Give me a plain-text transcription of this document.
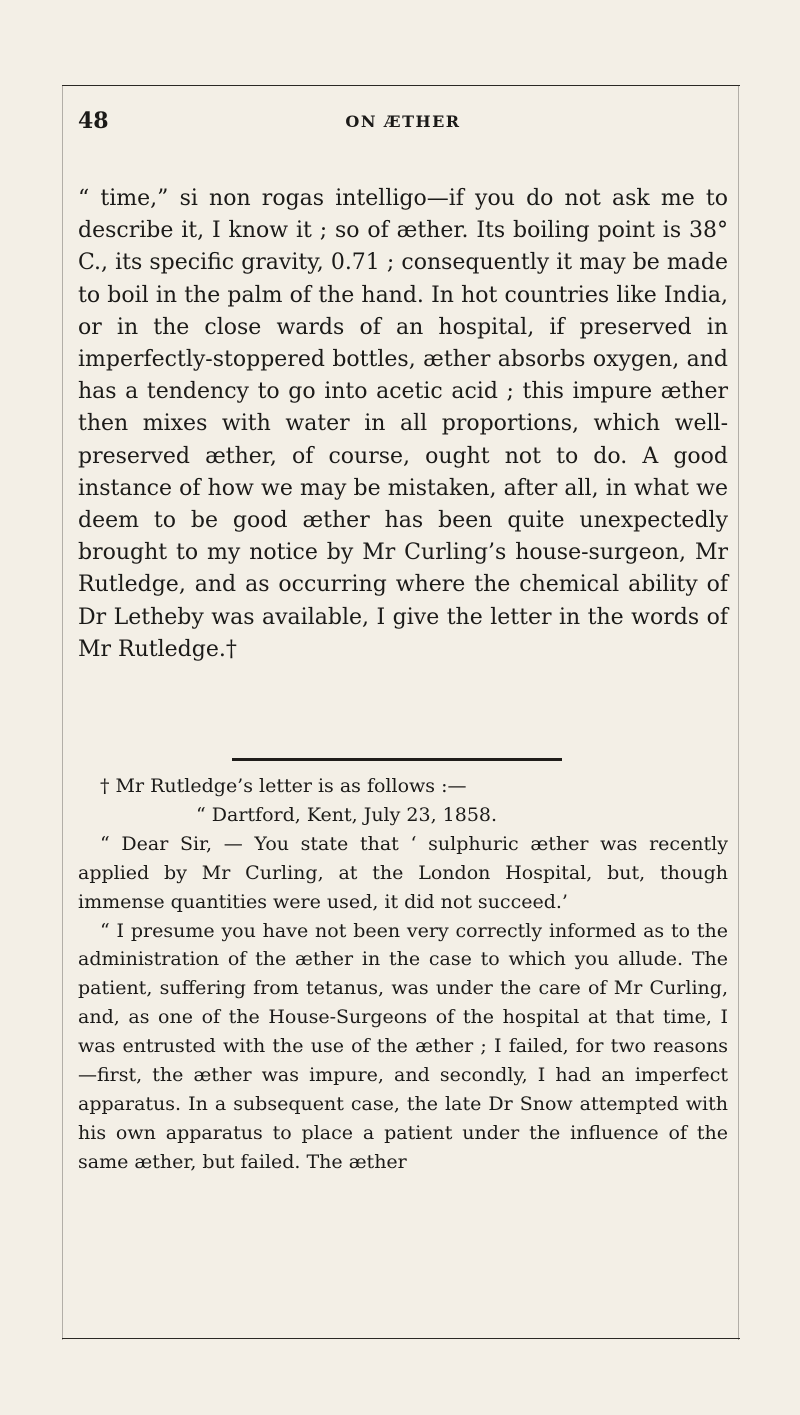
48	ON ÆTHER

“ time,” si non rogas intelligo—if you do not ask me to describe it, I know it ; so of æther. Its boiling point is 38° C., its specific gravity, 0.71 ; consequently it may be made to boil in the palm of the hand. In hot countries like India, or in the close wards of an hospital, if preserved in imperfectly-stoppered bottles, æther absorbs oxygen, and has a tendency to go into acetic acid ; this impure æther then mixes with water in all proportions, which well-preserved æther, of course, ought not to do. A good instance of how we may be mistaken, after all, in what we deem to be good æther has been quite unexpectedly brought to my notice by Mr Curling’s house-surgeon, Mr Rutledge, and as occurring where the chemical ability of Dr Letheby was available, I give the letter in the words of Mr Rutledge.†

† Mr Rutledge’s letter is as follows :—

“ Dartford, Kent, July 23, 1858.

“ Dear Sir, — You state that ‘ sulphuric æther was recently applied by Mr Curling, at the London Hospital, but, though immense quantities were used, it did not succeed.’

“ I presume you have not been very correctly informed as to the administration of the æther in the case to which you allude. The patient, suffering from tetanus, was under the care of Mr Curling, and, as one of the House-Surgeons of the hospital at that time, I was entrusted with the use of the æther ; I failed, for two reasons—first, the æther was impure, and secondly, I had an imperfect apparatus. In a subsequent case, the late Dr Snow attempted with his own apparatus to place a patient under the influence of the same æther, but failed. The æther
